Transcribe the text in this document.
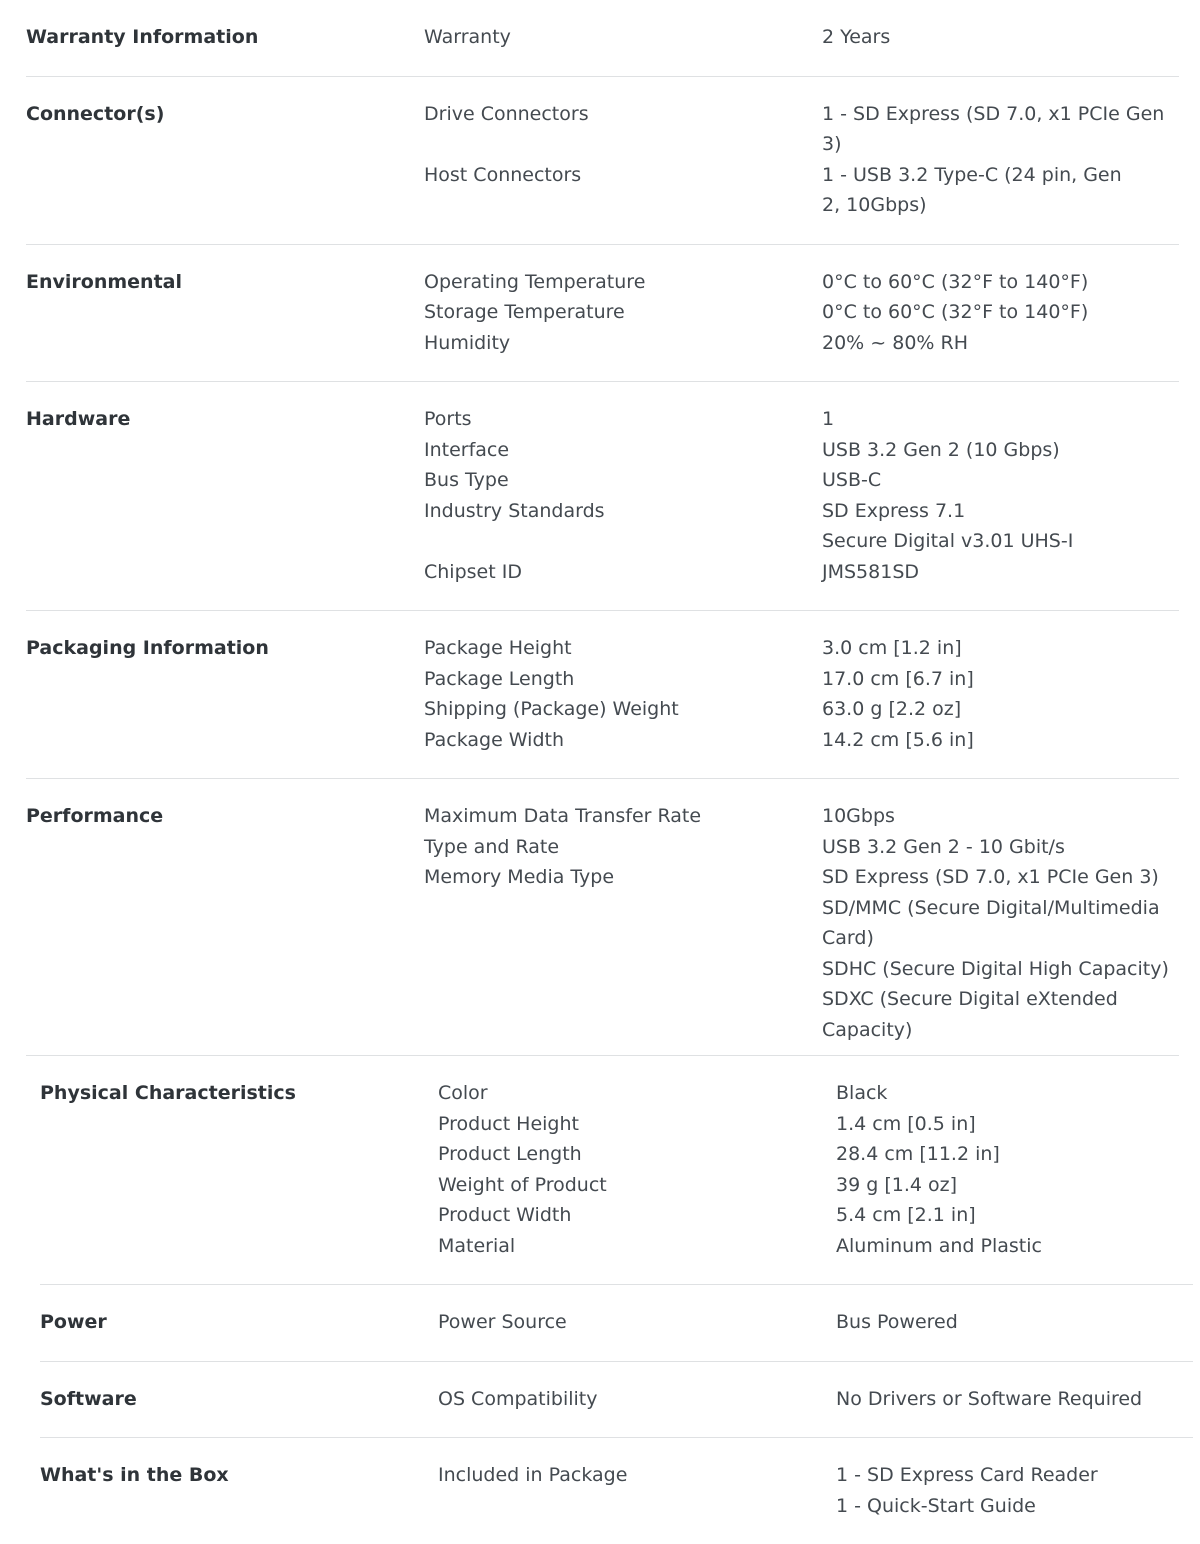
Warranty Information	Warranty	2 Years
Connector(s)	Drive Connectors	1 - SD Express (SD 7.0, x1 PCIe Gen 3)
Host Connectors	1 - USB 3.2 Type-C (24 pin, Gen 2, 10Gbps)
Environmental	Operating Temperature	0°C to 60°C (32°F to 140°F)
Storage Temperature	0°C to 60°C (32°F to 140°F)
Humidity	20% ~ 80% RH
Hardware	Ports	1
Interface	USB 3.2 Gen 2 (10 Gbps)
Bus Type	USB-C
Industry Standards	SD Express 7.1
Secure Digital v3.01 UHS-I
Chipset ID	JMS581SD
Packaging Information	Package Height	3.0 cm [1.2 in]
Package Length	17.0 cm [6.7 in]
Shipping (Package) Weight	63.0 g [2.2 oz]
Package Width	14.2 cm [5.6 in]
Performance	Maximum Data Transfer Rate	10Gbps
Type and Rate	USB 3.2 Gen 2 - 10 Gbit/s
Memory Media Type	SD Express (SD 7.0, x1 PCIe Gen 3)
SD/MMC (Secure Digital/Multimedia Card)
SDHC (Secure Digital High Capacity)
SDXC (Secure Digital eXtended Capacity)
Physical Characteristics	Color	Black
Product Height	1.4 cm [0.5 in]
Product Length	28.4 cm [11.2 in]
Weight of Product	39 g [1.4 oz]
Product Width	5.4 cm [2.1 in]
Material	Aluminum and Plastic
Power	Power Source	Bus Powered
Software	OS Compatibility	No Drivers or Software Required
What's in the Box	Included in Package	1 - SD Express Card Reader
1 - Quick-Start Guide
